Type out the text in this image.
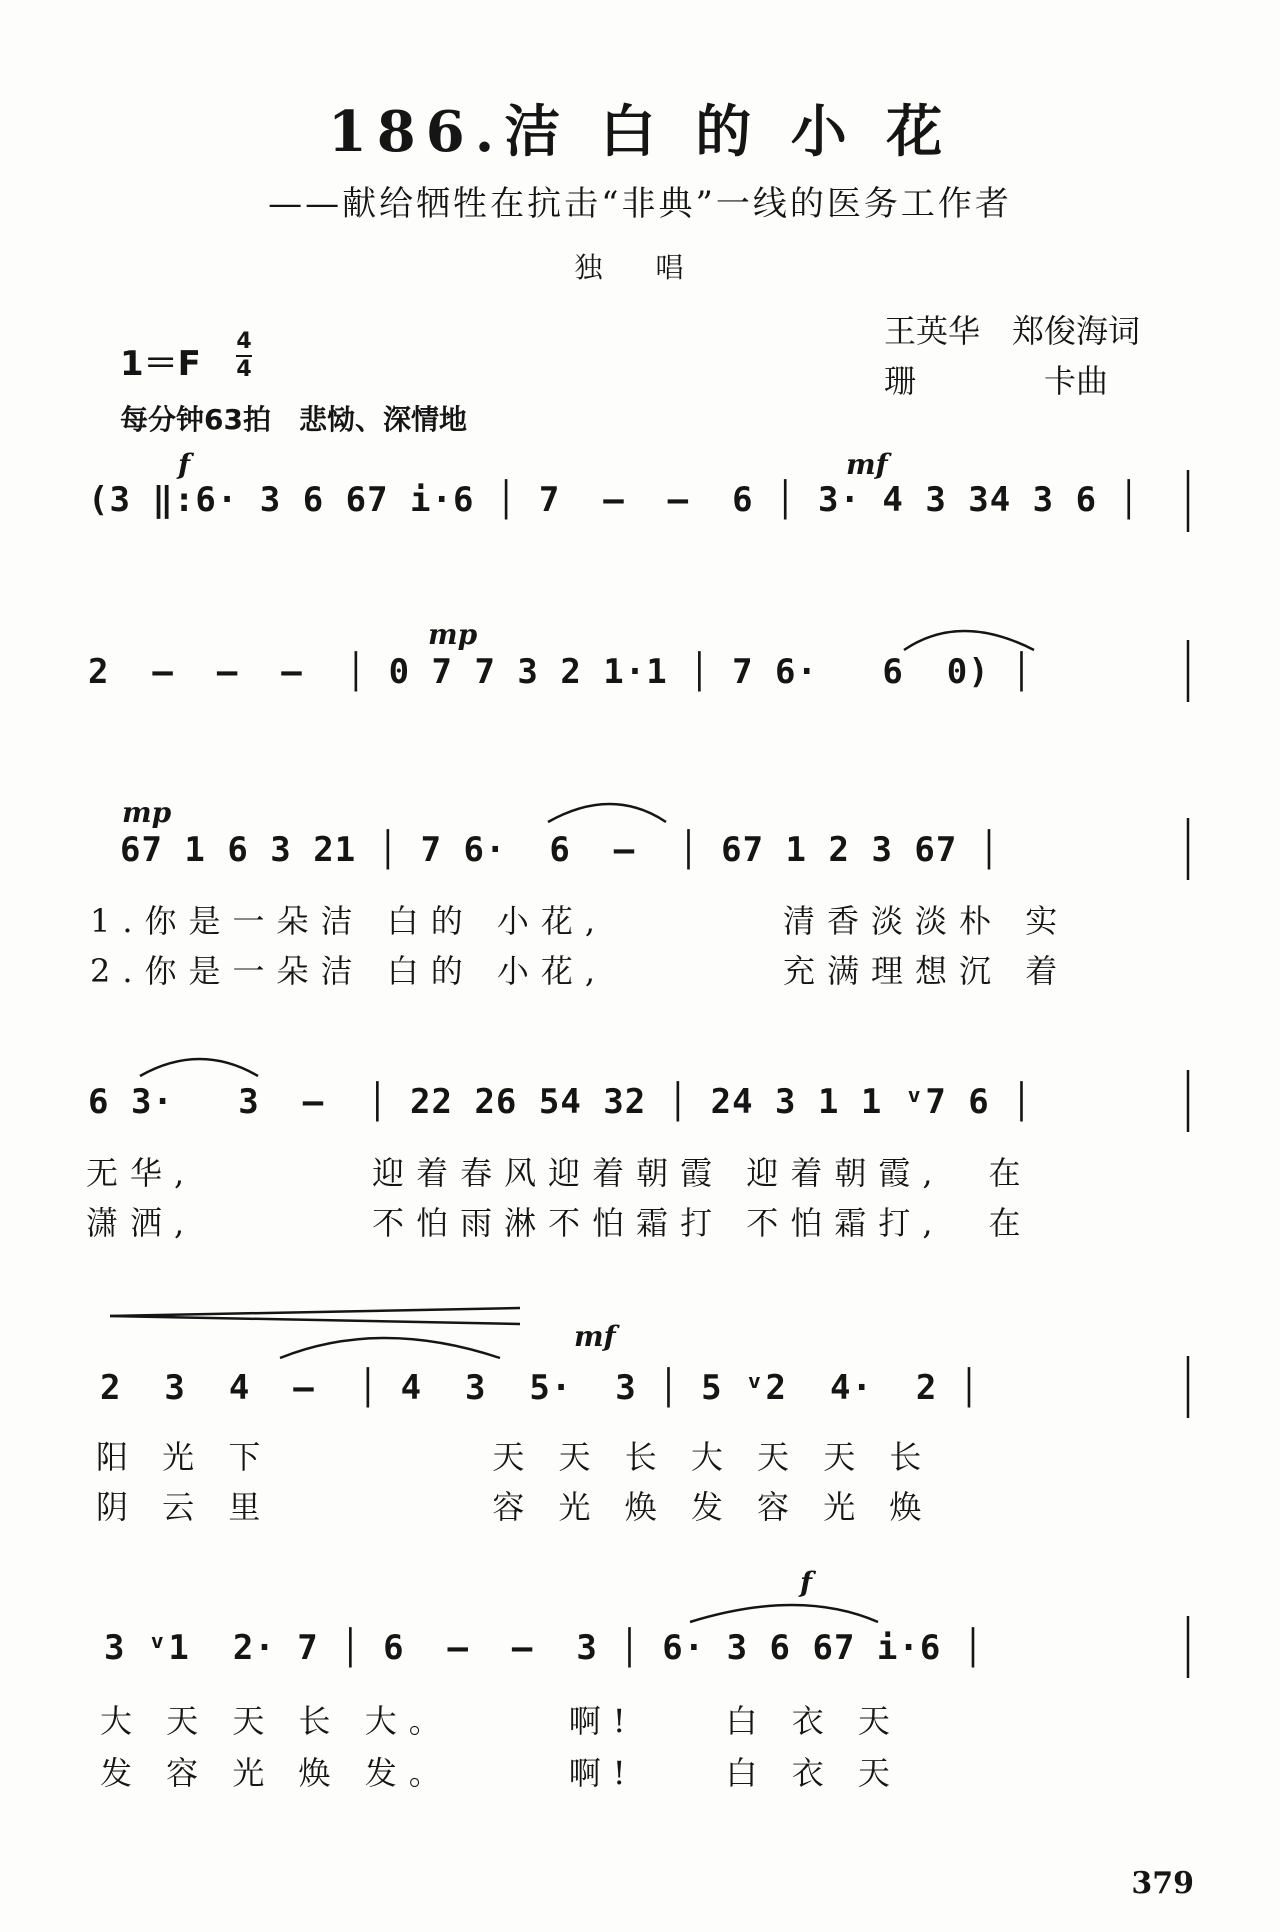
186.洁 白 的 小 花
——献给牺牲在抗击“非典”一线的医务工作者
独 唱
王英华　郑俊海词
珊　　　　卡曲
1＝F
4
4
每分钟63拍　悲恸、深情地
f	mf
(3 ‖:6· 3 6 67 i·6 │ 7  –  –  6 │ 3· 4 3 34 3 6 │
mp
2  –  –  –  │ 0 7 7 3 2 1·1 │ 7 6·   6  0) │
mp
67 1 6 3 21 │ 7 6·  6  –  │ 67 1 2 3 67 │
1.你是一朵洁 白的 小花,　　　　清香淡淡朴 实
2.你是一朵洁 白的 小花,　　　　充满理想沉 着
6 3·   3  –  │ 22 26 54 32 │ 24 3 1 1 ᵛ7 6 │
无华,　　　　迎着春风迎着朝霞 迎着朝霞,　在
潇洒,　　　　不怕雨淋不怕霜打 不怕霜打,　在
mf
2  3  4  –  │ 4  3  5·  3 │ 5 ᵛ2  4·  2 │
阳 光 下　　　　　天 天 长 大 天 天 长
阴 云 里　　　　　容 光 焕 发 容 光 焕
f
3 ᵛ1  2· 7 │ 6  –  –  3 │ 6· 3 6 67 i·6 │
大 天 天 长 大。　　　啊!　　白 衣 天
发 容 光 焕 发。　　　啊!　　白 衣 天
379
